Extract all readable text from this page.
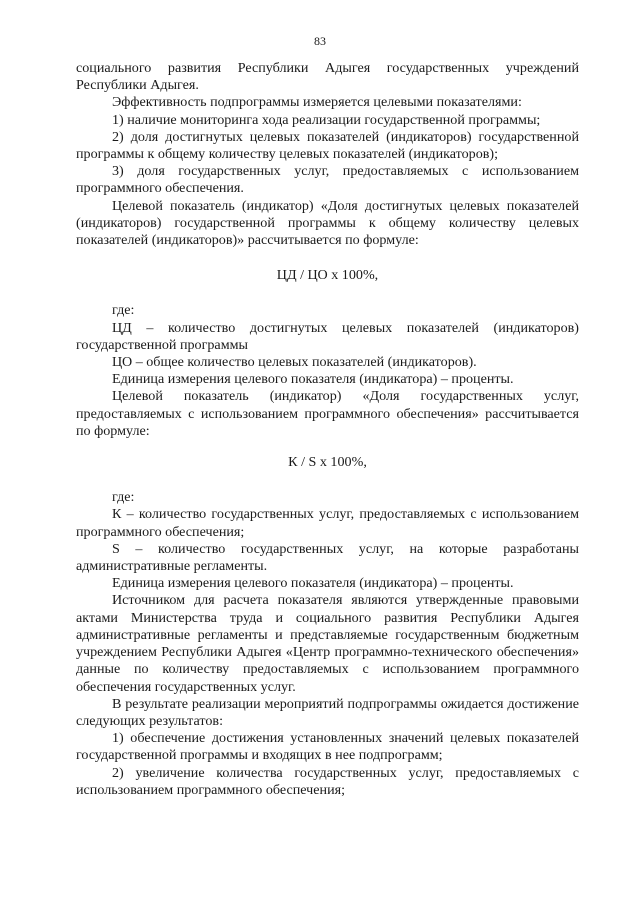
83

социального развития Республики Адыгея государственных учреждений Республики Адыгея.

Эффективность подпрограммы измеряется целевыми показателями:

1) наличие мониторинга хода реализации государственной программы;

2) доля достигнутых целевых показателей (индикаторов) государственной программы к общему количеству целевых показателей (индикаторов);

3) доля государственных услуг, предоставляемых с использованием программного обеспечения.

Целевой показатель (индикатор) «Доля достигнутых целевых показателей (индикаторов) государственной программы к общему количеству целевых показателей (индикаторов)» рассчитывается по формуле:

ЦД / ЦО х 100%,

где:

ЦД – количество достигнутых целевых показателей (индикаторов) государственной программы

ЦО – общее количество целевых показателей (индикаторов).

Единица измерения целевого показателя (индикатора) – проценты.

Целевой показатель (индикатор) «Доля государственных услуг, предоставляемых с использованием программного обеспечения» рассчитывается по формуле:

К / S х 100%,

где:

К – количество государственных услуг, предоставляемых с использованием программного обеспечения;

S – количество государственных услуг, на которые разработаны административные регламенты.

Единица измерения целевого показателя (индикатора) – проценты.

Источником для расчета показателя являются утвержденные правовыми актами Министерства труда и социального развития Республики Адыгея административные регламенты и представляемые государственным бюджетным учреждением Республики Адыгея «Центр программно-технического обеспечения» данные по количеству предоставляемых с использованием программного обеспечения государственных услуг.

В результате реализации мероприятий подпрограммы ожидается достижение следующих результатов:

1) обеспечение достижения установленных значений целевых показателей государственной программы и входящих в нее подпрограмм;

2) увеличение количества государственных услуг, предоставляемых с использованием программного обеспечения;
